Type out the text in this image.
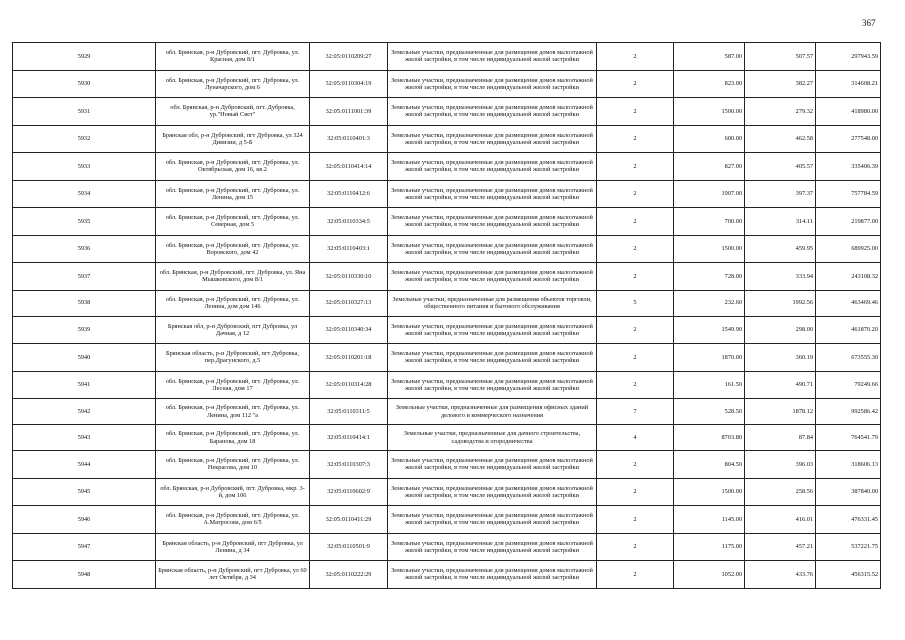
367
5929	обл. Брянская, р-н Дубровский, пгт. Дубровка, ул. Красная, дом 8/1	32:05:0110209:27	Земельные участки, предназначенные для размещения домов малоэтажной жилой застройки, в том числе индивидуальной жилой застройки	2	587.00	507.57	297943.59
5930	обл. Брянская, р-н Дубровский, пгт. Дубровка, ул. Луначарского, дом 6	32:05:0110304:19	Земельные участки, предназначенные для размещения домов малоэтажной жилой застройки, в том числе индивидуальной жилой застройки	2	823.00	382.27	314608.21
5931	обл. Брянская, р-н Дубровский, пгт. Дубровка, ур."Новый Свет"	32:05:0111001:39	Земельные участки, предназначенные для размещения домов малоэтажной жилой застройки, в том числе индивидуальной жилой застройки	2	1500.00	279.32	418980.00
5932	Брянская обл, р-н Дубровский, пгт Дубровка, ул 324 Дивизии, д 5-Б	32:05:0110401:3	Земельные участки, предназначенные для размещения домов малоэтажной жилой застройки, в том числе индивидуальной жилой застройки	2	600.00	462.58	277548.00
5933	обл. Брянская, р-н Дубровский, пгт. Дубровка, ул. Октябрьская, дом 16, кв.2	32:05:0110414:14	Земельные участки, предназначенные для размещения домов малоэтажной жилой застройки, в том числе индивидуальной жилой застройки	2	827.00	405.57	335406.39
5934	обл. Брянская, р-н Дубровский, пгт. Дубровка, ул. Ленина, дом 15	32:05:0110412:6	Земельные участки, предназначенные для размещения домов малоэтажной жилой застройки, в том числе индивидуальной жилой застройки	2	1907.00	397.37	757784.59
5935	обл. Брянская, р-н Дубровский, пгт. Дубровка, ул. Северная, дом 5	32:05:0110334:5	Земельные участки, предназначенные для размещения домов малоэтажной жилой застройки, в том числе индивидуальной жилой застройки	2	700.00	314.11	219877.00
5936	обл. Брянская, р-н Дубровский, пгт. Дубровка, ул. Воровского, дом 42	32:05:0110403:1	Земельные участки, предназначенные для размещения домов малоэтажной жилой застройки, в том числе индивидуальной жилой застройки	2	1500.00	459.95	689925.00
5937	обл. Брянская, р-н Дубровский, пгт. Дубровка, ул. Яна Мышковского, дом 8/1	32:05:0110330:10	Земельные участки, предназначенные для размещения домов малоэтажной жилой застройки, в том числе индивидуальной жилой застройки	2	728.00	333.94	243108.32
5938	обл. Брянская, р-н Дубровский, пгт. Дубровка, ул. Ленина, дом дом 146	32:05:0110327:13	Земельные участки, предназначенные для размещения объектов торговли, общественного питания и бытового обслуживания	5	232.60	1992.56	463469.46
5939	Брянская обл, р-н Дубровский, пгт Дубровка, ул Дачная, д 12	32:05:0110340:34	Земельные участки, предназначенные для размещения домов малоэтажной жилой застройки, в том числе индивидуальной жилой застройки	2	1549.90	298.00	461870.20
5940	Брянская область, р-н Дубровский, пгт Дубровка, пер.Драгунского, д.5	32:05:0110201:18	Земельные участки, предназначенные для размещения домов малоэтажной жилой застройки, в том числе индивидуальной жилой застройки	2	1870.00	360.19	673555.30
5941	обл. Брянская, р-н Дубровский, пгт. Дубровка, ул. Лесная, дом 17	32:05:0110314:28	Земельные участки, предназначенные для размещения домов малоэтажной жилой застройки, в том числе индивидуальной жилой застройки	2	161.50	490.71	79249.66
5942	обл. Брянская, р-н Дубровский, пгт. Дубровка, ул. Ленина, дом 112 "а	32:05:0110311:5	Земельные участки, предназначенные для размещения офисных зданий делового и коммерческого назначения	7	528.50	1878.12	992586.42
5943	обл. Брянская, р-н Дубровский, пгт. Дубровка, ул. Баранова, дом 18	32:05:0110414:1	Земельные участки, предназначенные для дачного строительства, садоводства и огородничества	4	8703.80	87.84	764541.79
5944	обл. Брянская, р-н Дубровский, пгт. Дубровка, ул. Некрасова, дом 10	32:05:0110307:3	Земельные участки, предназначенные для размещения домов малоэтажной жилой застройки, в том числе индивидуальной жилой застройки	2	804.50	396.03	318606.13
5945	обл. Брянская, р-н Дубровский, пгт. Дубровка, мкр. 3-й, дом 106	32:05:0110602:9	Земельные участки, предназначенные для размещения домов малоэтажной жилой застройки, в том числе индивидуальной жилой застройки	2	1500.00	258.56	387840.00
5946	обл. Брянская, р-н Дубровский, пгт. Дубровка, ул. А.Матросова, дом 6/5	32:05:0110411:29	Земельные участки, предназначенные для размещения домов малоэтажной жилой застройки, в том числе индивидуальной жилой застройки	2	1145.00	416.01	476331.45
5947	Брянская область, р-н Дубровский, пгт Дубровка, ул Ленина, д 34	32:05:0110501:9	Земельные участки, предназначенные для размещения домов малоэтажной жилой застройки, в том числе индивидуальной жилой застройки	2	1175.00	457.21	537221.75
5948	Брянская область, р-н Дубровский, пгт Дубровка, ул 60 лет Октября, д 34	32:05:0110222:29	Земельные участки, предназначенные для размещения домов малоэтажной жилой застройки, в том числе индивидуальной жилой застройки	2	1052.00	433.76	456315.52
